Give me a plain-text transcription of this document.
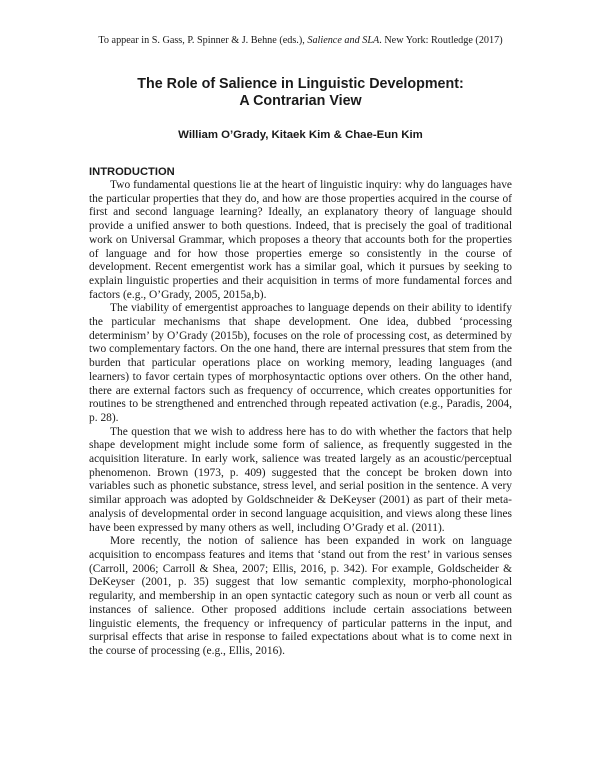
To appear in S. Gass, P. Spinner & J. Behne (eds.), Salience and SLA. New York: Routledge (2017)
The Role of Salience in Linguistic Development:
A Contrarian View
William O’Grady, Kitaek Kim & Chae-Eun Kim
INTRODUCTION

Two fundamental questions lie at the heart of linguistic inquiry: why do languages have the particular properties that they do, and how are those properties acquired in the course of first and second language learning? Ideally, an explanatory theory of language should provide a unified answer to both questions. Indeed, that is precisely the goal of traditional work on Universal Grammar, which proposes a theory that accounts both for the properties of language and for how those properties emerge so consistently in the course of development. Recent emergentist work has a similar goal, which it pursues by seeking to explain linguistic properties and their acquisition in terms of more fundamental forces and factors (e.g., O’Grady, 2005, 2015a,b).

The viability of emergentist approaches to language depends on their ability to identify the particular mechanisms that shape development. One idea, dubbed ‘processing determinism’ by O’Grady (2015b), focuses on the role of processing cost, as determined by two complementary factors. On the one hand, there are internal pressures that stem from the burden that particular operations place on working memory, leading languages (and learners) to favor certain types of morphosyntactic options over others. On the other hand, there are external factors such as frequency of occurrence, which creates opportunities for routines to be strengthened and entrenched through repeated activation (e.g., Paradis, 2004, p. 28).

The question that we wish to address here has to do with whether the factors that help shape development might include some form of salience, as frequently suggested in the acquisition literature. In early work, salience was treated largely as an acoustic/perceptual phenomenon. Brown (1973, p. 409) suggested that the concept be broken down into variables such as phonetic substance, stress level, and serial position in the sentence. A very similar approach was adopted by Goldschneider & DeKeyser (2001) as part of their meta-analysis of developmental order in second language acquisition, and views along these lines have been expressed by many others as well, including O’Grady et al. (2011).

More recently, the notion of salience has been expanded in work on language acquisition to encompass features and items that ‘stand out from the rest’ in various senses (Carroll, 2006; Carroll & Shea, 2007; Ellis, 2016, p. 342). For example, Goldscheider & DeKeyser (2001, p. 35) suggest that low semantic complexity, morpho-phonological regularity, and membership in an open syntactic category such as noun or verb all count as instances of salience. Other proposed additions include certain associations between linguistic elements, the frequency or infrequency of particular patterns in the input, and surprisal effects that arise in response to failed expectations about what is to come next in the course of processing (e.g., Ellis, 2016).
